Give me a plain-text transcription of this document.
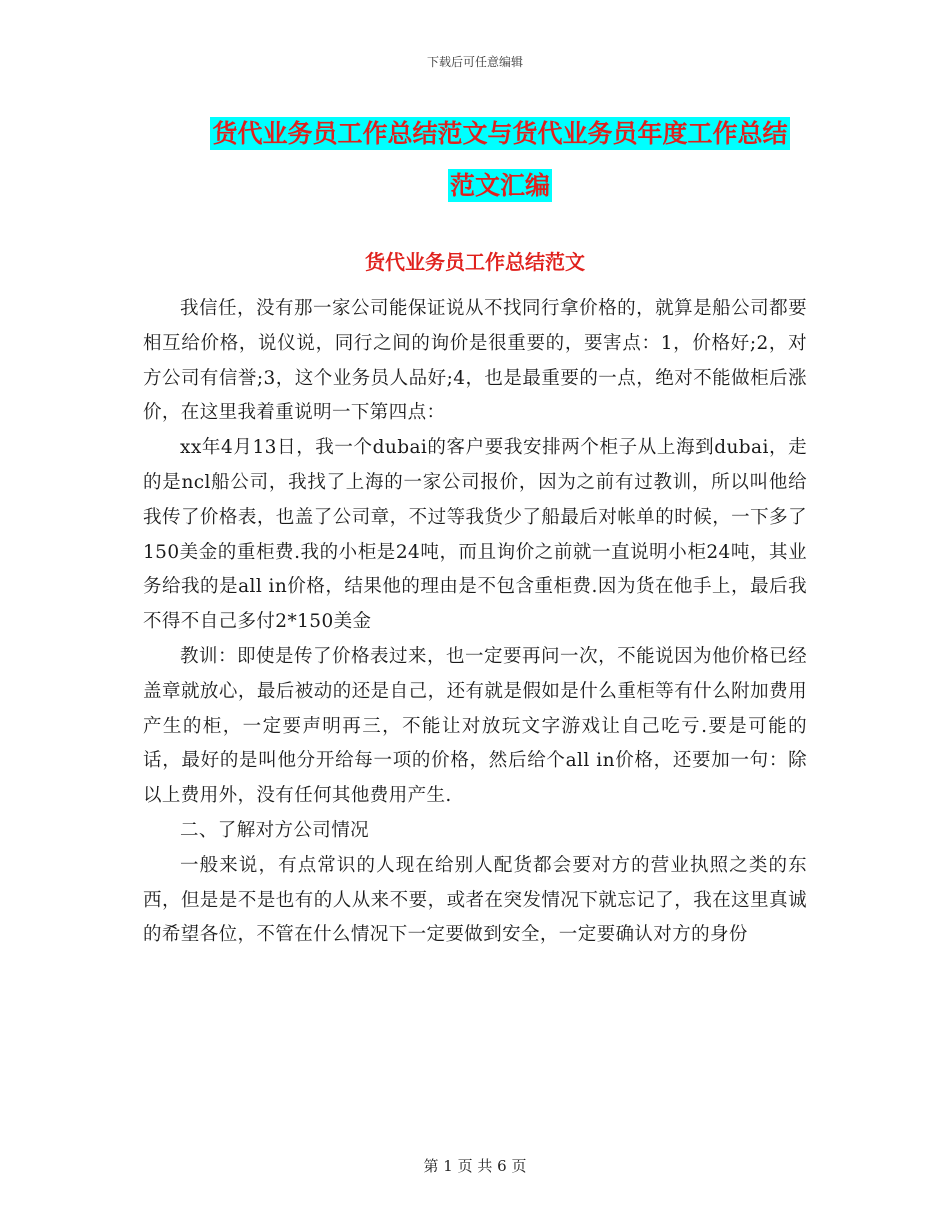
下载后可任意编辑
货代业务员工作总结范文与货代业务员年度工作总结
范文汇编
货代业务员工作总结范文

我信任，没有那一家公司能保证说从不找同行拿价格的，就算是船公司都要相互给价格，说仪说，同行之间的询价是很重要的，要害点：1，价格好;2，对方公司有信誉;3，这个业务员人品好;4，也是最重要的一点，绝对不能做柜后涨价，在这里我着重说明一下第四点：

xx年4月13日，我一个dubai的客户要我安排两个柜子从上海到dubai，走的是ncl船公司，我找了上海的一家公司报价，因为之前有过教训，所以叫他给我传了价格表，也盖了公司章，不过等我货少了船最后对帐单的时候，一下多了150美金的重柜费.我的小柜是24吨，而且询价之前就一直说明小柜24吨，其业务给我的是all in价格，结果他的理由是不包含重柜费.因为货在他手上，最后我不得不自己多付2*150美金

教训：即使是传了价格表过来，也一定要再问一次，不能说因为他价格已经盖章就放心，最后被动的还是自己，还有就是假如是什么重柜等有什么附加费用产生的柜，一定要声明再三，不能让对放玩文字游戏让自己吃亏.要是可能的话，最好的是叫他分开给每一项的价格，然后给个all in价格，还要加一句：除以上费用外，没有任何其他费用产生.

二、了解对方公司情况

一般来说，有点常识的人现在给别人配货都会要对方的营业执照之类的东西，但是是不是也有的人从来不要，或者在突发情况下就忘记了，我在这里真诚的希望各位，不管在什么情况下一定要做到安全，一定要确认对方的身份

第 1 页 共 6 页
